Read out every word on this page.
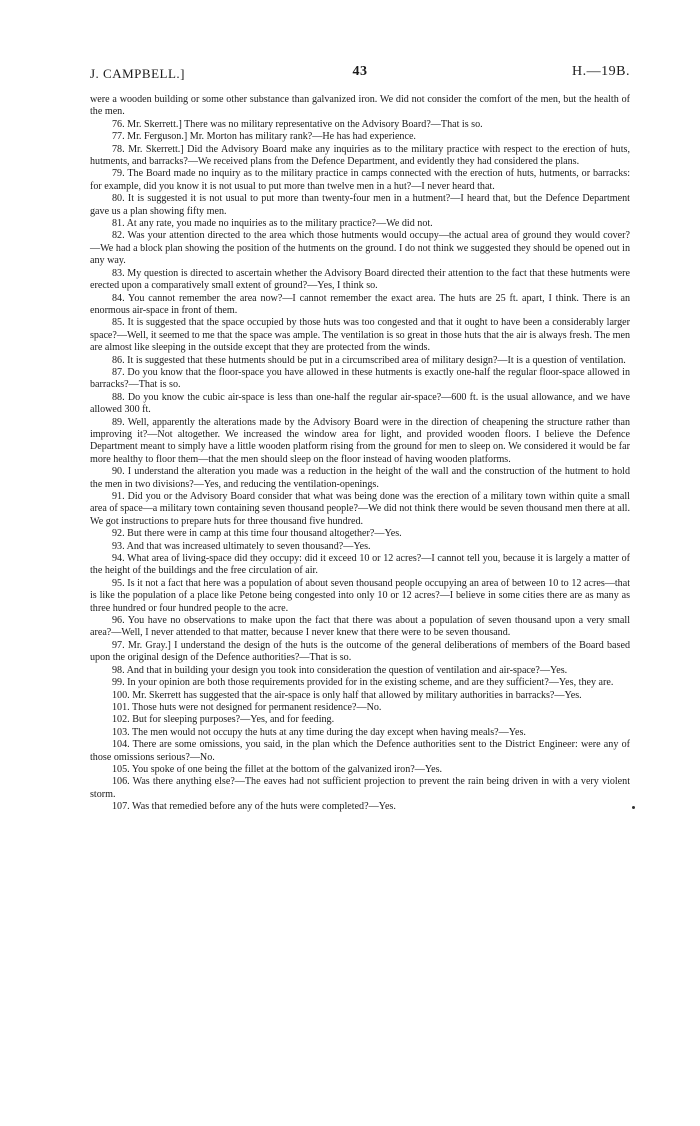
J. CAMPBELL.]	43	H.—19B.

were a wooden building or some other substance than galvanized iron. We did not consider the comfort of the men, but the health of the men.

76. Mr. Skerrett.] There was no military representative on the Advisory Board?—That is so.

77. Mr. Ferguson.] Mr. Morton has military rank?—He has had experience.

78. Mr. Skerrett.] Did the Advisory Board make any inquiries as to the military practice with respect to the erection of huts, hutments, and barracks?—We received plans from the Defence Department, and evidently they had considered the plans.

79. The Board made no inquiry as to the military practice in camps connected with the erection of huts, hutments, or barracks: for example, did you know it is not usual to put more than twelve men in a hut?—I never heard that.

80. It is suggested it is not usual to put more than twenty-four men in a hutment?—I heard that, but the Defence Department gave us a plan showing fifty men.

81. At any rate, you made no inquiries as to the military practice?—We did not.

82. Was your attention directed to the area which those hutments would occupy—the actual area of ground they would cover?—We had a block plan showing the position of the hutments on the ground. I do not think we suggested they should be opened out in any way.

83. My question is directed to ascertain whether the Advisory Board directed their attention to the fact that these hutments were erected upon a comparatively small extent of ground?—Yes, I think so.

84. You cannot remember the area now?—I cannot remember the exact area. The huts are 25 ft. apart, I think. There is an enormous air-space in front of them.

85. It is suggested that the space occupied by those huts was too congested and that it ought to have been a considerably larger space?—Well, it seemed to me that the space was ample. The ventilation is so great in those huts that the air is always fresh. The men are almost like sleeping in the outside except that they are protected from the winds.

86. It is suggested that these hutments should be put in a circumscribed area of military design?—It is a question of ventilation.

87. Do you know that the floor-space you have allowed in these hutments is exactly one-half the regular floor-space allowed in barracks?—That is so.

88. Do you know the cubic air-space is less than one-half the regular air-space?—600 ft. is the usual allowance, and we have allowed 300 ft.

89. Well, apparently the alterations made by the Advisory Board were in the direction of cheapening the structure rather than improving it?—Not altogether. We increased the window area for light, and provided wooden floors. I believe the Defence Department meant to simply have a little wooden platform rising from the ground for men to sleep on. We considered it would be far more healthy to floor them—that the men should sleep on the floor instead of having wooden platforms.

90. I understand the alteration you made was a reduction in the height of the wall and the construction of the hutment to hold the men in two divisions?—Yes, and reducing the ventilation-openings.

91. Did you or the Advisory Board consider that what was being done was the erection of a military town within quite a small area of space—a military town containing seven thousand people?—We did not think there would be seven thousand men there at all. We got instructions to prepare huts for three thousand five hundred.

92. But there were in camp at this time four thousand altogether?—Yes.

93. And that was increased ultimately to seven thousand?—Yes.

94. What area of living-space did they occupy: did it exceed 10 or 12 acres?—I cannot tell you, because it is largely a matter of the height of the buildings and the free circulation of air.

95. Is it not a fact that here was a population of about seven thousand people occupying an area of between 10 to 12 acres—that is like the population of a place like Petone being congested into only 10 or 12 acres?—I believe in some cities there are as many as three hundred or four hundred people to the acre.

96. You have no observations to make upon the fact that there was about a population of seven thousand upon a very small area?—Well, I never attended to that matter, because I never knew that there were to be seven thousand.

97. Mr. Gray.] I understand the design of the huts is the outcome of the general deliberations of members of the Board based upon the original design of the Defence authorities?—That is so.

98. And that in building your design you took into consideration the question of ventilation and air-space?—Yes.

99. In your opinion are both those requirements provided for in the existing scheme, and are they sufficient?—Yes, they are.

100. Mr. Skerrett has suggested that the air-space is only half that allowed by military authorities in barracks?—Yes.

101. Those huts were not designed for permanent residence?—No.

102. But for sleeping purposes?—Yes, and for feeding.

103. The men would not occupy the huts at any time during the day except when having meals?—Yes.

104. There are some omissions, you said, in the plan which the Defence authorities sent to the District Engineer: were any of those omissions serious?—No.

105. You spoke of one being the fillet at the bottom of the galvanized iron?—Yes.

106. Was there anything else?—The eaves had not sufficient projection to prevent the rain being driven in with a very violent storm.

107. Was that remedied before any of the huts were completed?—Yes.
